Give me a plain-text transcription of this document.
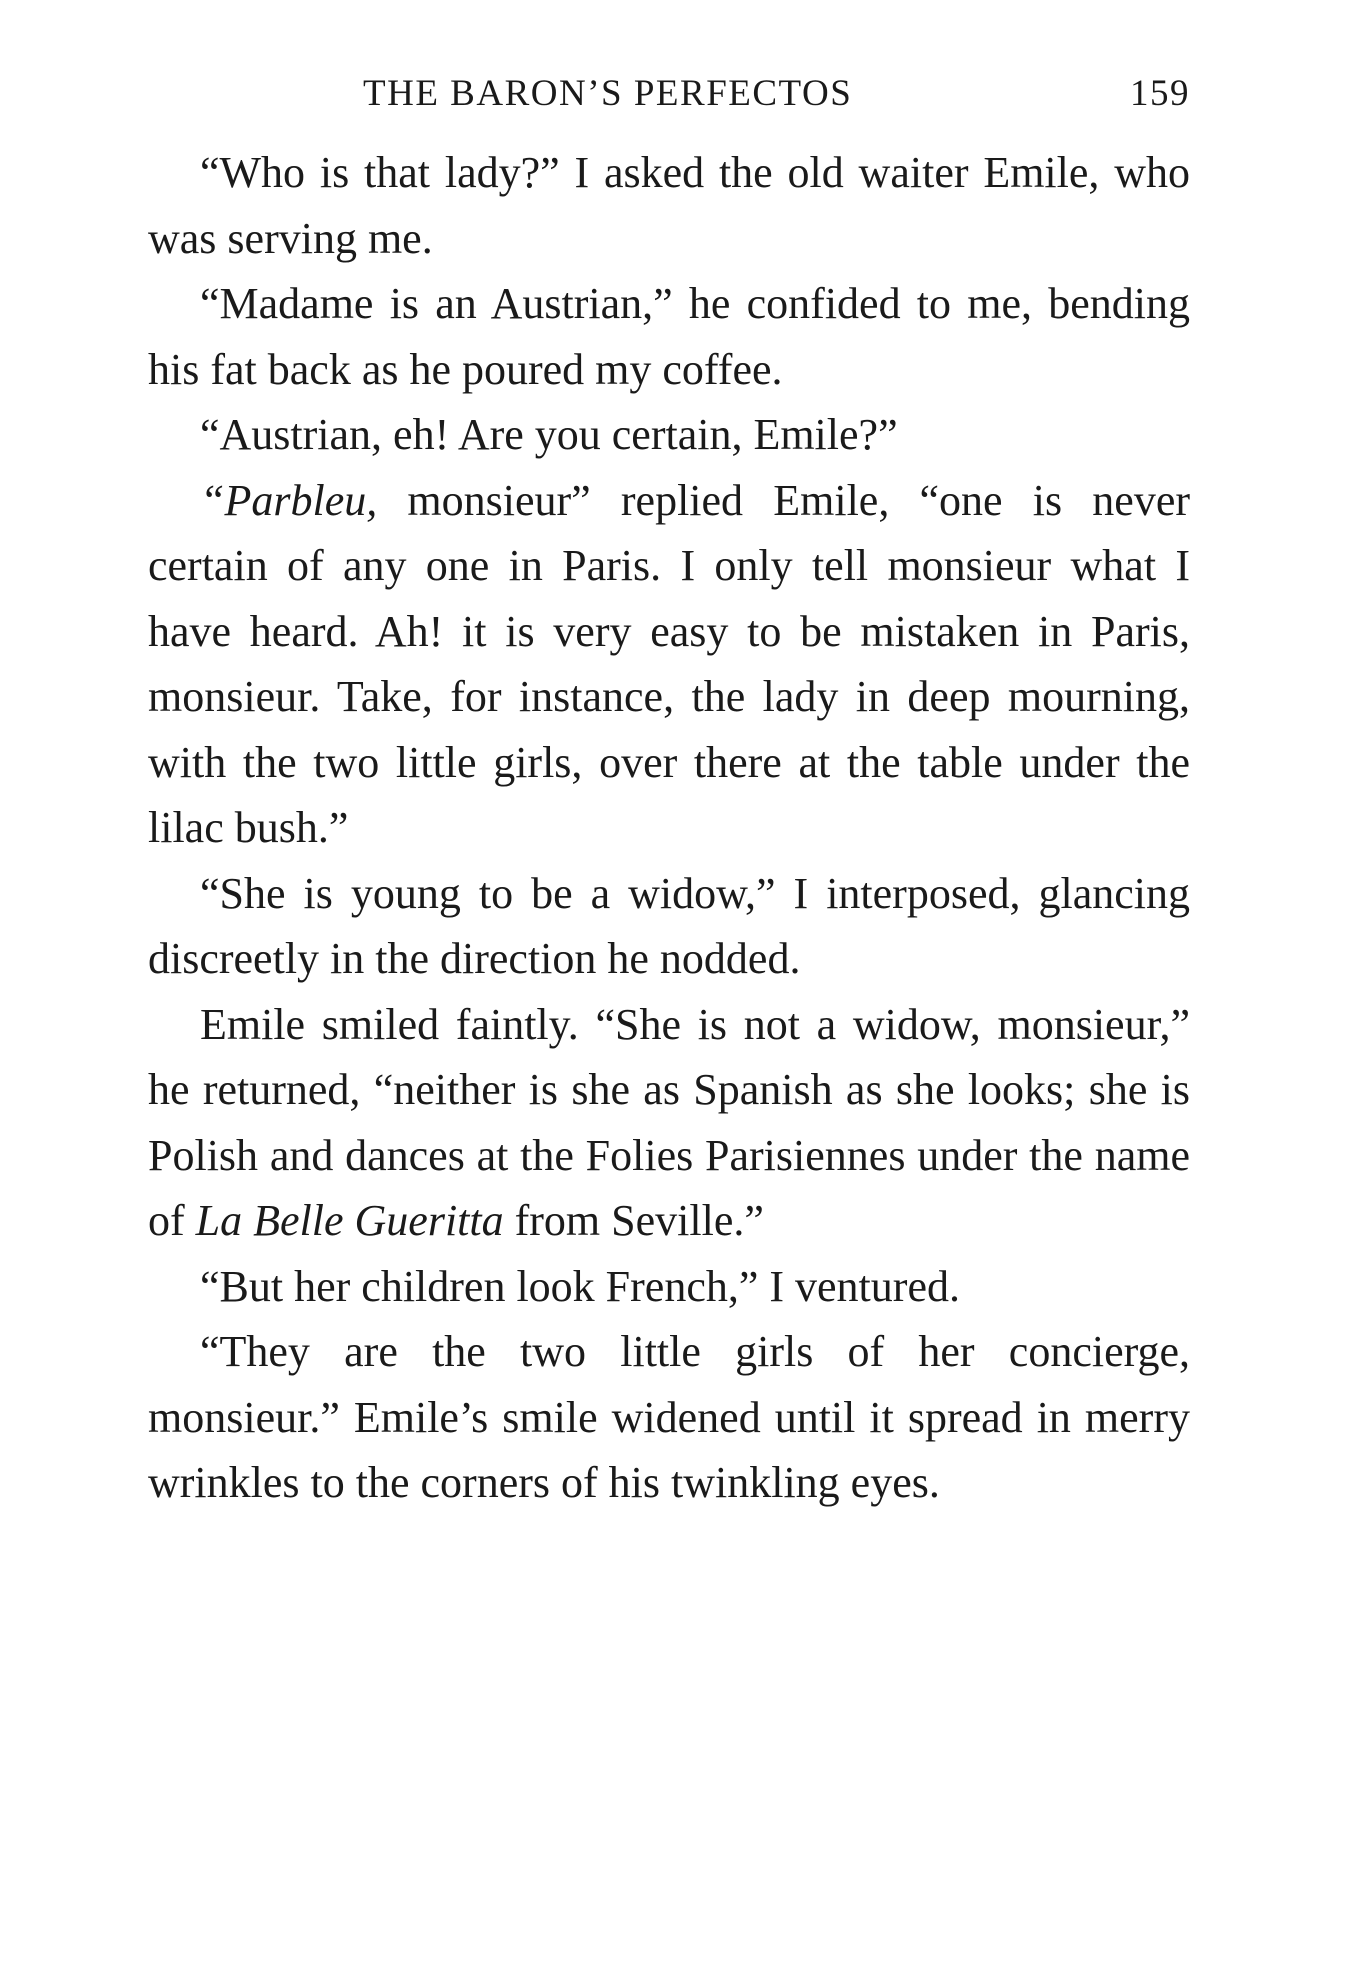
THE BARON’S PERFECTOS	159

“Who is that lady?” I asked the old waiter Emile, who was serving me.

“Madame is an Austrian,” he confided to me, bending his fat back as he poured my coffee.

“Austrian, eh! Are you certain, Emile?”

“Parbleu, monsieur” replied Emile, “one is never certain of any one in Paris. I only tell monsieur what I have heard. Ah! it is very easy to be mistaken in Paris, monsieur. Take, for instance, the lady in deep mourning, with the two little girls, over there at the table under the lilac bush.”

“She is young to be a widow,” I interposed, glancing discreetly in the direction he nodded.

Emile smiled faintly. “She is not a widow, monsieur,” he returned, “neither is she as Spanish as she looks; she is Polish and dances at the Folies Parisiennes under the name of La Belle Gueritta from Seville.”

“But her children look French,” I ventured.

“They are the two little girls of her concierge, monsieur.” Emile’s smile widened until it spread in merry wrinkles to the corners of his twinkling eyes.
